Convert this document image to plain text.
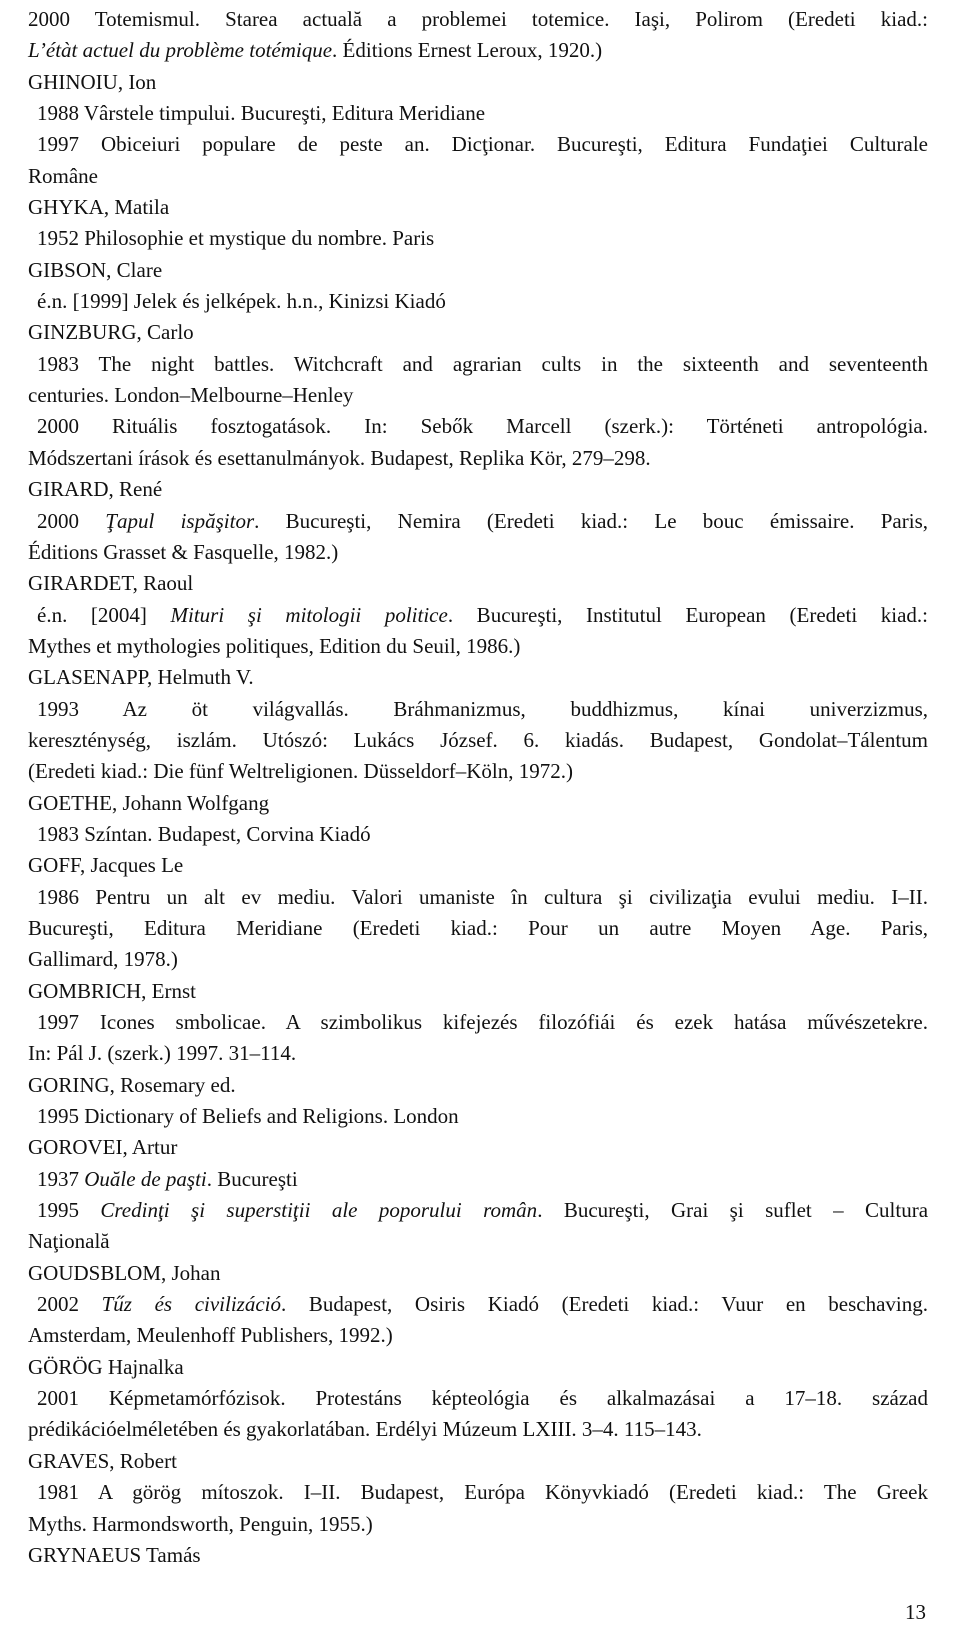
2000 Totemismul. Starea actuală a problemei totemice. Iaşi, Polirom (Eredeti kiad.:
L’étàt actuel du problème totémique. Éditions Ernest Leroux, 1920.)
GHINOIU, Ion
1988 Vârstele timpului. Bucureşti, Editura Meridiane
1997 Obiceiuri populare de peste an. Dicţionar. Bucureşti, Editura Fundaţiei Culturale
Române
GHYKA, Matila
1952 Philosophie et mystique du nombre. Paris
GIBSON, Clare
é.n. [1999] Jelek és jelképek. h.n., Kinizsi Kiadó
GINZBURG, Carlo
1983 The night battles. Witchcraft and agrarian cults in the sixteenth and seventeenth
centuries. London–Melbourne–Henley
2000 Rituális fosztogatások. In: Sebők Marcell (szerk.): Történeti antropológia.
Módszertani írások és esettanulmányok. Budapest, Replika Kör, 279–298.
GIRARD, René
2000 Ţapul ispăşitor. Bucureşti, Nemira (Eredeti kiad.: Le bouc émissaire. Paris,
Éditions Grasset & Fasquelle, 1982.)
GIRARDET, Raoul
é.n. [2004] Mituri şi mitologii politice. Bucureşti, Institutul European (Eredeti kiad.:
Mythes et mythologies politiques, Edition du Seuil, 1986.)
GLASENAPP, Helmuth V.
1993 Az öt világvallás. Bráhmanizmus, buddhizmus, kínai univerzizmus,
kereszténység, iszlám. Utószó: Lukács József. 6. kiadás. Budapest, Gondolat–Tálentum
(Eredeti kiad.: Die fünf Weltreligionen. Düsseldorf–Köln, 1972.)
GOETHE, Johann Wolfgang
1983 Színtan. Budapest, Corvina Kiadó
GOFF, Jacques Le
1986 Pentru un alt ev mediu. Valori umaniste în cultura şi civilizaţia evului mediu. I–II.
Bucureşti, Editura Meridiane (Eredeti kiad.: Pour un autre Moyen Age. Paris,
Gallimard, 1978.)
GOMBRICH, Ernst
1997 Icones smbolicae. A szimbolikus kifejezés filozófiái és ezek hatása művészetekre.
In: Pál J. (szerk.) 1997. 31–114.
GORING, Rosemary ed.
1995 Dictionary of Beliefs and Religions. London
GOROVEI, Artur
1937 Ouăle de paşti. Bucureşti
1995 Credinţi şi superstiţii ale poporului român. Bucureşti, Grai şi suflet – Cultura
Naţională
GOUDSBLOM, Johan
2002 Tűz és civilizáció. Budapest, Osiris Kiadó (Eredeti kiad.: Vuur en beschaving.
Amsterdam, Meulenhoff Publishers, 1992.)
GÖRÖG Hajnalka
2001 Képmetamórfózisok. Protestáns képteológia és alkalmazásai a 17–18. század
prédikációelméletében és gyakorlatában. Erdélyi Múzeum LXIII. 3–4. 115–143.
GRAVES, Robert
1981 A görög mítoszok. I–II. Budapest, Európa Könyvkiadó (Eredeti kiad.: The Greek
Myths. Harmondsworth, Penguin, 1955.)
GRYNAEUS Tamás
13
